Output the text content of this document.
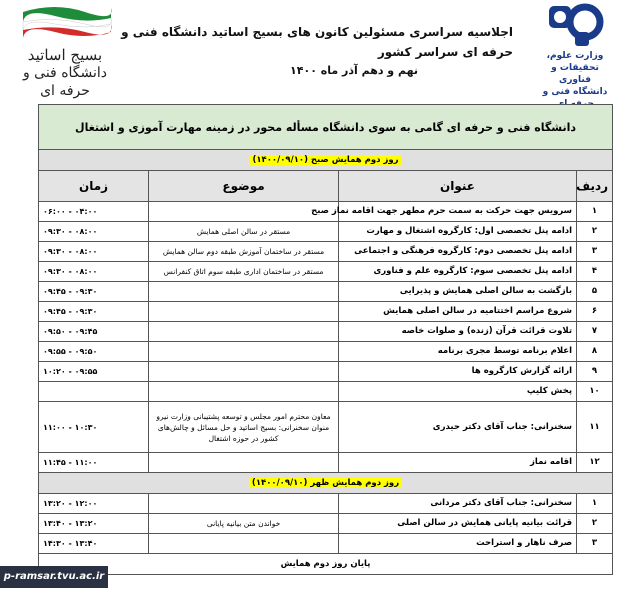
وزارت علوم، تحقیقات و فناوری
دانشگاه فنی و
اجلاسیه سراسری مسئولین کانون های بسیج اساتید دانشگاه فنی و حرفه ای سراسر کشور
نهم و دهم آذر ماه ۱۴۰۰
بسیج اساتید
دانشگاه فنی و حرفه ای
دانشگاه فنی و حرفه ای گامی به سوی دانشگاه مسأله محور در زمینه مهارت آموزی و اشتغال			
روز دوم همایش صبح (۱۴۰۰/۰۹/۱۰)			
ردیف	عنوان	موضوع	زمان
۱	سرویس جهت حرکت به سمت حرم مطهر جهت اقامه نماز صبح		۰۶:۰۰ - ۰۴:۰۰
۲	ادامه پنل تخصصی اول: کارگروه اشتغال و مهارت	مستقر در سالن اصلی همایش	۰۹:۳۰ - ۰۸:۰۰
۳	ادامه پنل تخصصی دوم: کارگروه فرهنگی و اجتماعی	مستقر در ساختمان آموزش طبقه دوم سالن همایش	۰۹:۳۰ - ۰۸:۰۰
۴	ادامه پنل تخصصی سوم: کارگروه علم و فناوری	مستقر در ساختمان اداری طبقه سوم اتاق کنفرانس	۰۹:۳۰ - ۰۸:۰۰
۵	بازگشت به سالن اصلی همایش و پذیرایی		۰۹:۴۵ - ۰۹:۳۰
۶	شروع مراسم اختتامیه در سالن اصلی همایش		۰۹:۴۵ - ۰۹:۳۰
۷	تلاوت قرائت قرآن (زنده) و صلوات خاصه		۰۹:۵۰ - ۰۹:۴۵
۸	اعلام برنامه توسط مجری برنامه		۰۹:۵۵ - ۰۹:۵۰
۹	ارائه گزارش کارگروه ها		۱۰:۲۰ - ۰۹:۵۵
۱۰	پخش کلیپ		
۱۱	سخنرانی: جناب آقای دکتر حیدری	معاون محترم امور مجلس و توسعه پشتیبانی وزارت نیرو منوان سخنرانی: بسیج اساتید و حل مسائل و چالش‌های کشور در حوزه اشتغال	۱۱:۰۰ - ۱۰:۳۰
۱۲	اقامه نماز		۱۱:۴۵ - ۱۱:۰۰
روز دوم همایش ظهر (۱۴۰۰/۰۹/۱۰)			
۱	سخنرانی: جناب آقای دکتر مردانی		۱۳:۲۰ - ۱۲:۰۰
۲	قرائت بیانیه پایانی همایش در سالن اصلی	خواندن متن بیانیه پایانی	۱۳:۴۰ - ۱۳:۲۰
۳	صرف ناهار و استراحت		۱۴:۳۰ - ۱۳:۴۰
پایان روز دوم همایش			
p-ramsar.tvu.ac.ir
